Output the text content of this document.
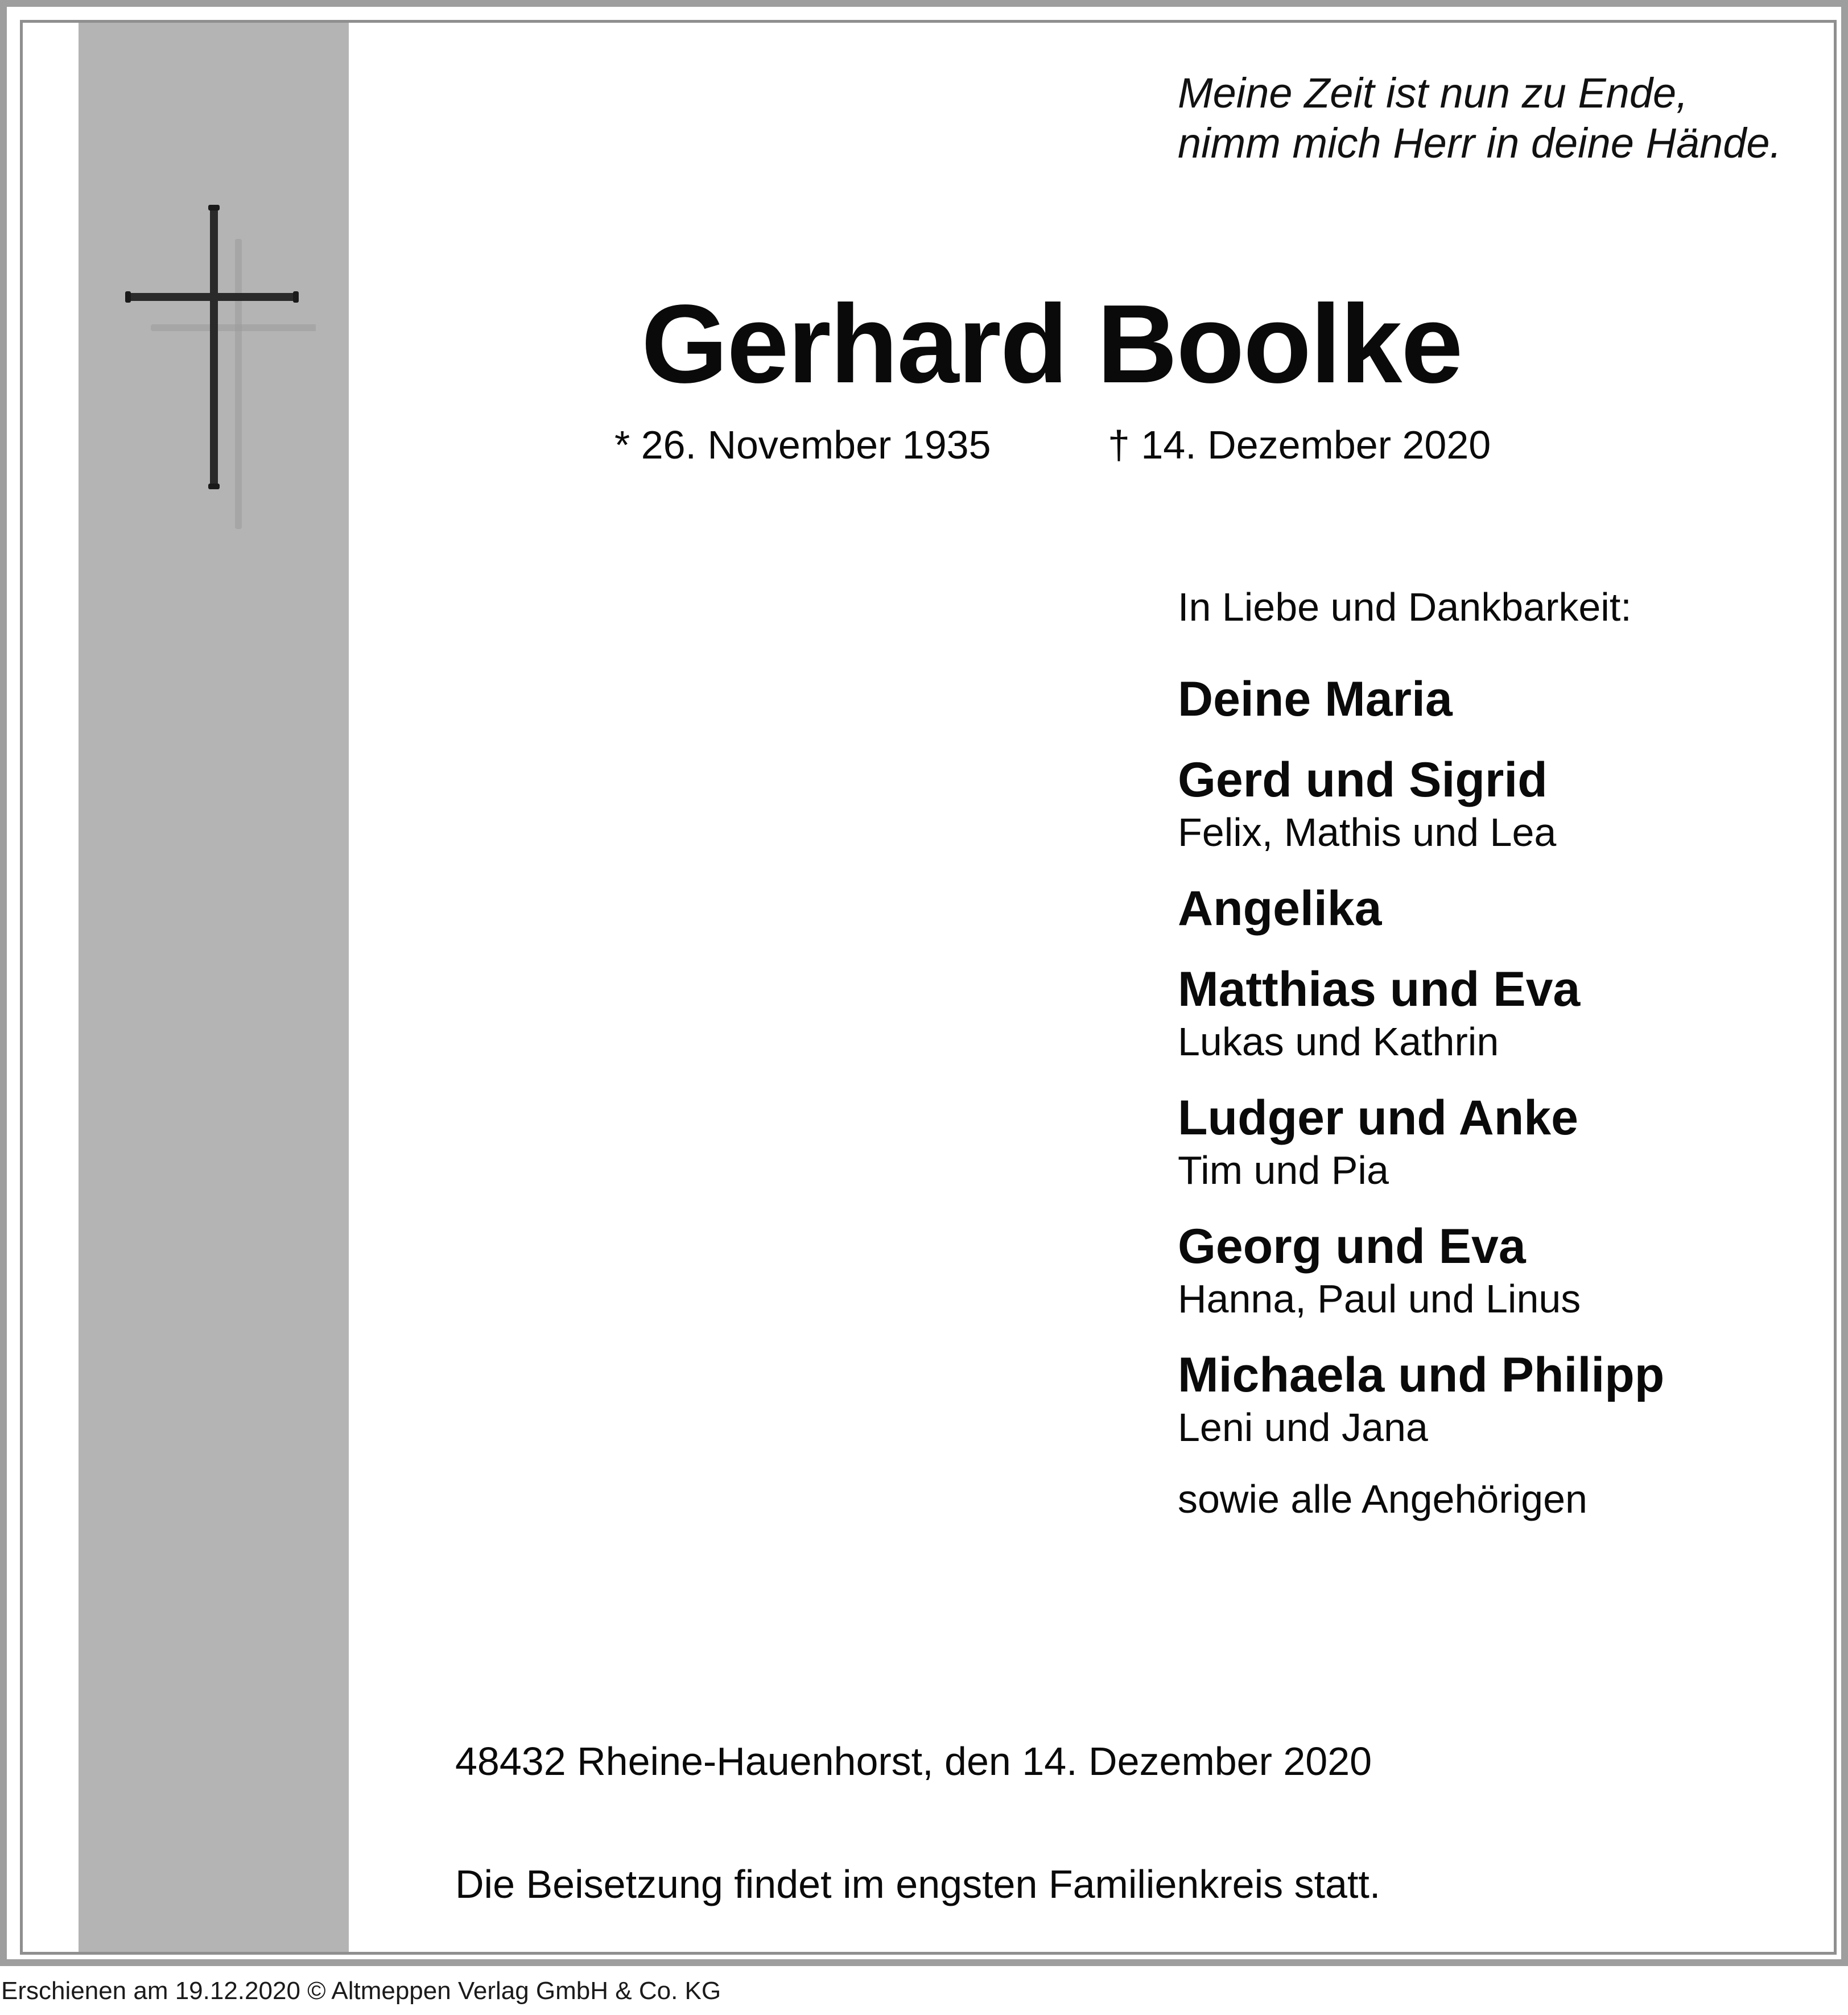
Meine Zeit ist nun zu Ende,
nimm mich Herr in deine Hände.

Gerhard Boolke
* 26. November 1935	† 14. Dezember 2020

In Liebe und Dankbarkeit:

Deine Maria
Gerd und Sigrid
Felix, Mathis und Lea
Angelika
Matthias und Eva
Lukas und Kathrin
Ludger und Anke
Tim und Pia
Georg und Eva
Hanna, Paul und Linus
Michaela und Philipp
Leni und Jana

sowie alle Angehörigen

48432 Rheine-Hauenhorst, den 14. Dezember 2020

Die Beisetzung findet im engsten Familienkreis statt.

Erschienen am 19.12.2020 © Altmeppen Verlag GmbH & Co. KG
